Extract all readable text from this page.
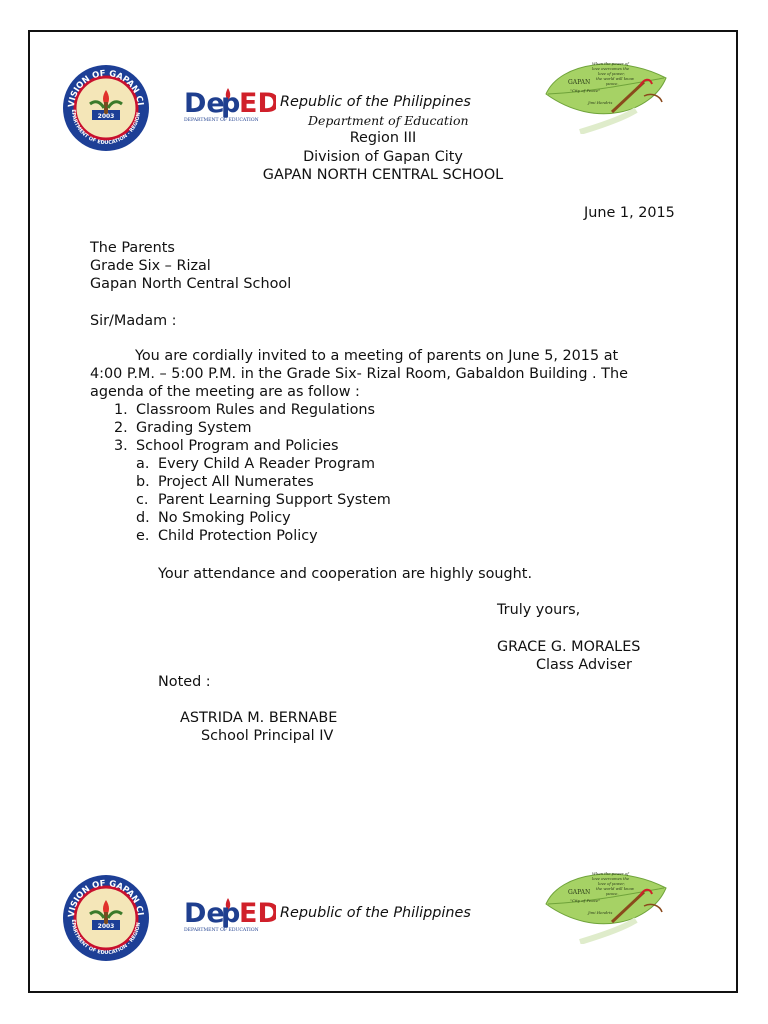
VISION OF GAPAN CI
EPARTMENT OF EDUCATION - REGION
2003	De
p
ED
DEPARTMENT OF EDUCATION
Republic of the Philippines
Department of Education
Region III
Division of Gapan City
GAPAN NORTH CENTRAL SCHOOL
GAPAN
When the power of
love overcomes the
love of power,
the world will know
peace.
"City of Peace"
Jimi Hendrix
June 1, 2015
The Parents
Grade Six – Rizal
Gapan North Central School
Sir/Madam :
You are cordially invited to a meeting of parents on June 5, 2015 at
4:00 P.M. – 5:00 P.M. in the Grade Six- Rizal Room, Gabaldon Building . The
agenda of the meeting are as follow :
1. Classroom Rules and Regulations
2. Grading System
3. School Program and Policies
a. Every Child A Reader Program
b. Project All Numerates
c. Parent Learning Support System
d. No Smoking Policy
e. Child Protection Policy
Your attendance and cooperation are highly sought.
Truly yours,
GRACE G. MORALES
Class Adviser
Noted :
ASTRIDA M. BERNABE
School Principal IV
VISION OF GAPAN CI
EPARTMENT OF EDUCATION - REGION
2003	De
p
ED
DEPARTMENT OF EDUCATION
Republic of the Philippines
GAPAN
When the power of
love overcomes the
love of power,
the world will know
peace.
"City of Peace"
Jimi Hendrix
